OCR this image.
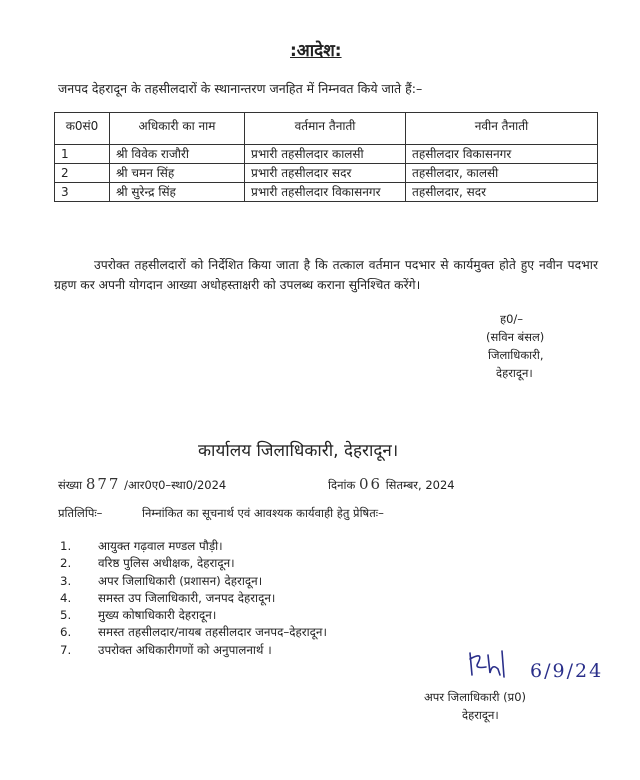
:आदेश:
जनपद देहरादून के तहसीलदारों के स्थानान्तरण जनहित में निम्नवत किये जाते हैं:–
क0सं0	अधिकारी का नाम	वर्तमान तैनाती	नवीन तैनाती
1	श्री विवेक राजौरी	प्रभारी तहसीलदार कालसी	तहसीलदार विकासनगर
2	श्री चमन सिंह	प्रभारी तहसीलदार सदर	तहसीलदार, कालसी
3	श्री सुरेन्द्र सिंह	प्रभारी तहसीलदार विकासनगर	तहसीलदार, सदर
उपरोक्त तहसीलदारों को निर्देशित किया जाता है कि तत्काल वर्तमान पदभार से कार्यमुक्त होते हुए नवीन पदभार ग्रहण कर अपनी योगदान आख्या अधोहस्ताक्षरी को उपलब्ध कराना सुनिश्चित करेंगे।
ह0/–
(सविन बंसल)
जिलाधिकारी,
देहरादून।
कार्यालय जिलाधिकारी, देहरादून।
संख्या 877 /आर0ए0–स्था0/2024	दिनांक 06 सितम्बर, 2024
प्रतिलिपिः–	निम्नांकित का सूचनार्थ एवं आवश्यक कार्यवाही हेतु प्रेषितः–
1. आयुक्त गढ़वाल मण्डल पौड़ी।
2. वरिष्ठ पुलिस अधीक्षक, देहरादून।
3. अपर जिलाधिकारी (प्रशासन) देहरादून।
4. समस्त उप जिलाधिकारी, जनपद देहरादून।
5. मुख्य कोषाधिकारी देहरादून।
6. समस्त तहसीलदार/नायब तहसीलदार जनपद–देहरादून।
7. उपरोक्त अधिकारीगणों को अनुपालनार्थ ।
6/9/24
अपर जिलाधिकारी (प्र0)
देहरादून।
